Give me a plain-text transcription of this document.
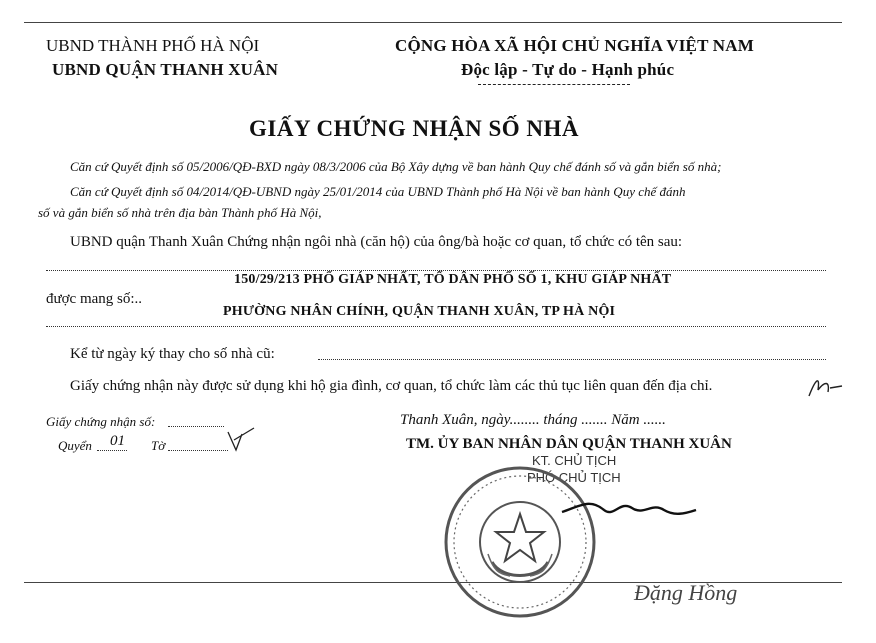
UBND THÀNH PHỐ HÀ NỘI
UBND QUẬN THANH XUÂN
CỘNG HÒA XÃ HỘI CHỦ NGHĨA VIỆT NAM
Độc lập - Tự do - Hạnh phúc
GIẤY CHỨNG NHẬN SỐ NHÀ
Căn cứ Quyết định số 05/2006/QĐ-BXD ngày 08/3/2006 của Bộ Xây dựng về ban hành Quy chế đánh số và gắn biển số nhà;
Căn cứ Quyết định số 04/2014/QĐ-UBND ngày 25/01/2014 của UBND Thành phố Hà Nội về ban hành Quy chế đánh
số và gắn biển số nhà trên địa bàn Thành phố Hà Nội,
UBND quận Thanh Xuân Chứng nhận ngôi nhà (căn hộ) của ông/bà hoặc cơ quan, tổ chức có tên sau:
được mang số:..
150/29/213 PHỐ GIÁP NHẤT, TỔ DÂN PHỐ SỐ 1, KHU GIÁP NHẤT
PHƯỜNG NHÂN CHÍNH, QUẬN THANH XUÂN, TP HÀ NỘI
Kể từ ngày ký thay cho số nhà cũ:
Giấy chứng nhận này được sử dụng khi hộ gia đình, cơ quan, tổ chức làm các thủ tục liên quan đến địa chỉ.
Giấy chứng nhận số:
Quyển 01 Tờ
Thanh Xuân, ngày........ tháng ....... Năm ......
TM. ỦY BAN NHÂN DÂN QUẬN THANH XUÂN
KT. CHỦ TỊCH
PHÓ CHỦ TỊCH
Đặng Hồng
